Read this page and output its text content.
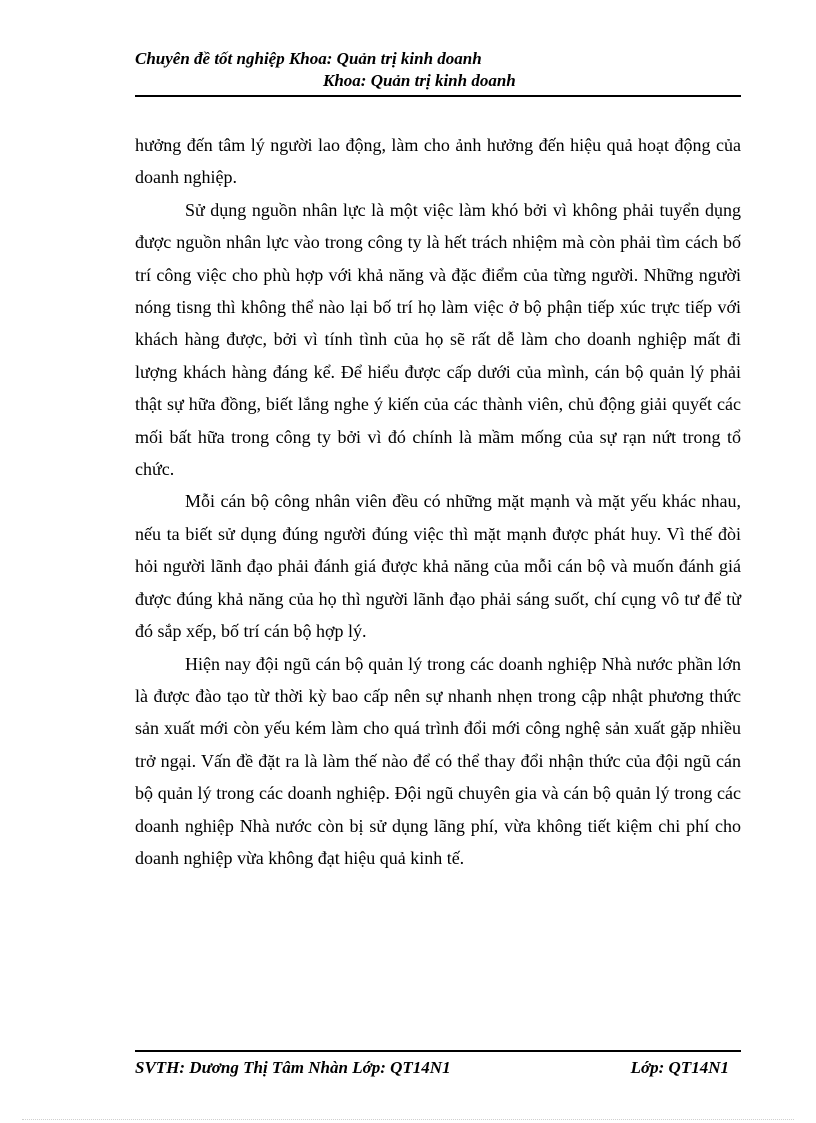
Chuyên đề tốt nghiệp Khoa: Quản trị kinh doanh
Khoa: Quản trị kinh doanh

hưởng đến tâm lý người lao động, làm cho ảnh hưởng đến hiệu quả hoạt động của doanh nghiệp.

Sử dụng nguồn nhân lực là một việc làm khó bởi vì không phải tuyển dụng được nguồn nhân lực vào trong công ty là hết trách nhiệm mà còn phải tìm cách bố trí công việc cho phù hợp với khả năng và đặc điểm của từng người. Những người nóng tisng thì không thể nào lại bố trí họ làm việc ở bộ phận tiếp xúc trực tiếp với khách hàng được, bởi vì tính tình của họ sẽ rất dễ làm cho doanh nghiệp mất đi lượng khách hàng đáng kể. Để hiểu được cấp dưới của mình, cán bộ quản lý phải thật sự hữa đồng, biết lắng nghe ý kiến của các thành viên, chủ động giải quyết các mối bất hữa trong công ty bởi vì đó chính là mầm mống của sự rạn nứt trong tổ chức.

Mỗi cán bộ công nhân viên đều có những mặt mạnh và mặt yếu khác nhau, nếu ta biết sử dụng đúng người đúng việc thì mặt mạnh được phát huy. Vì thế đòi hỏi người lãnh đạo phải đánh giá được khả năng của mỗi cán bộ và muốn đánh giá được đúng khả năng của họ thì người lãnh đạo phải sáng suốt, chí cụng vô tư để từ đó sắp xếp, bố trí cán bộ hợp lý.

Hiện nay đội ngũ cán bộ quản lý trong các doanh nghiệp Nhà nước phần lớn là được đào tạo từ thời kỳ bao cấp nên sự nhanh nhẹn trong cập nhật phương thức sản xuất mới còn yếu kém làm cho quá trình đổi mới công nghệ sản xuất gặp nhiều trở ngại. Vấn đề đặt ra là làm thế nào để có thể thay đổi nhận thức của đội ngũ cán bộ quản lý trong các doanh nghiệp. Đội ngũ chuyên gia và cán bộ quản lý trong các doanh nghiệp Nhà nước còn bị sử dụng lãng phí, vừa không tiết kiệm chi phí cho doanh nghiệp vừa không đạt hiệu quả kinh tế.

SVTH: Dương Thị Tâm Nhàn Lớp: QT14N1	Lớp: QT14N1
